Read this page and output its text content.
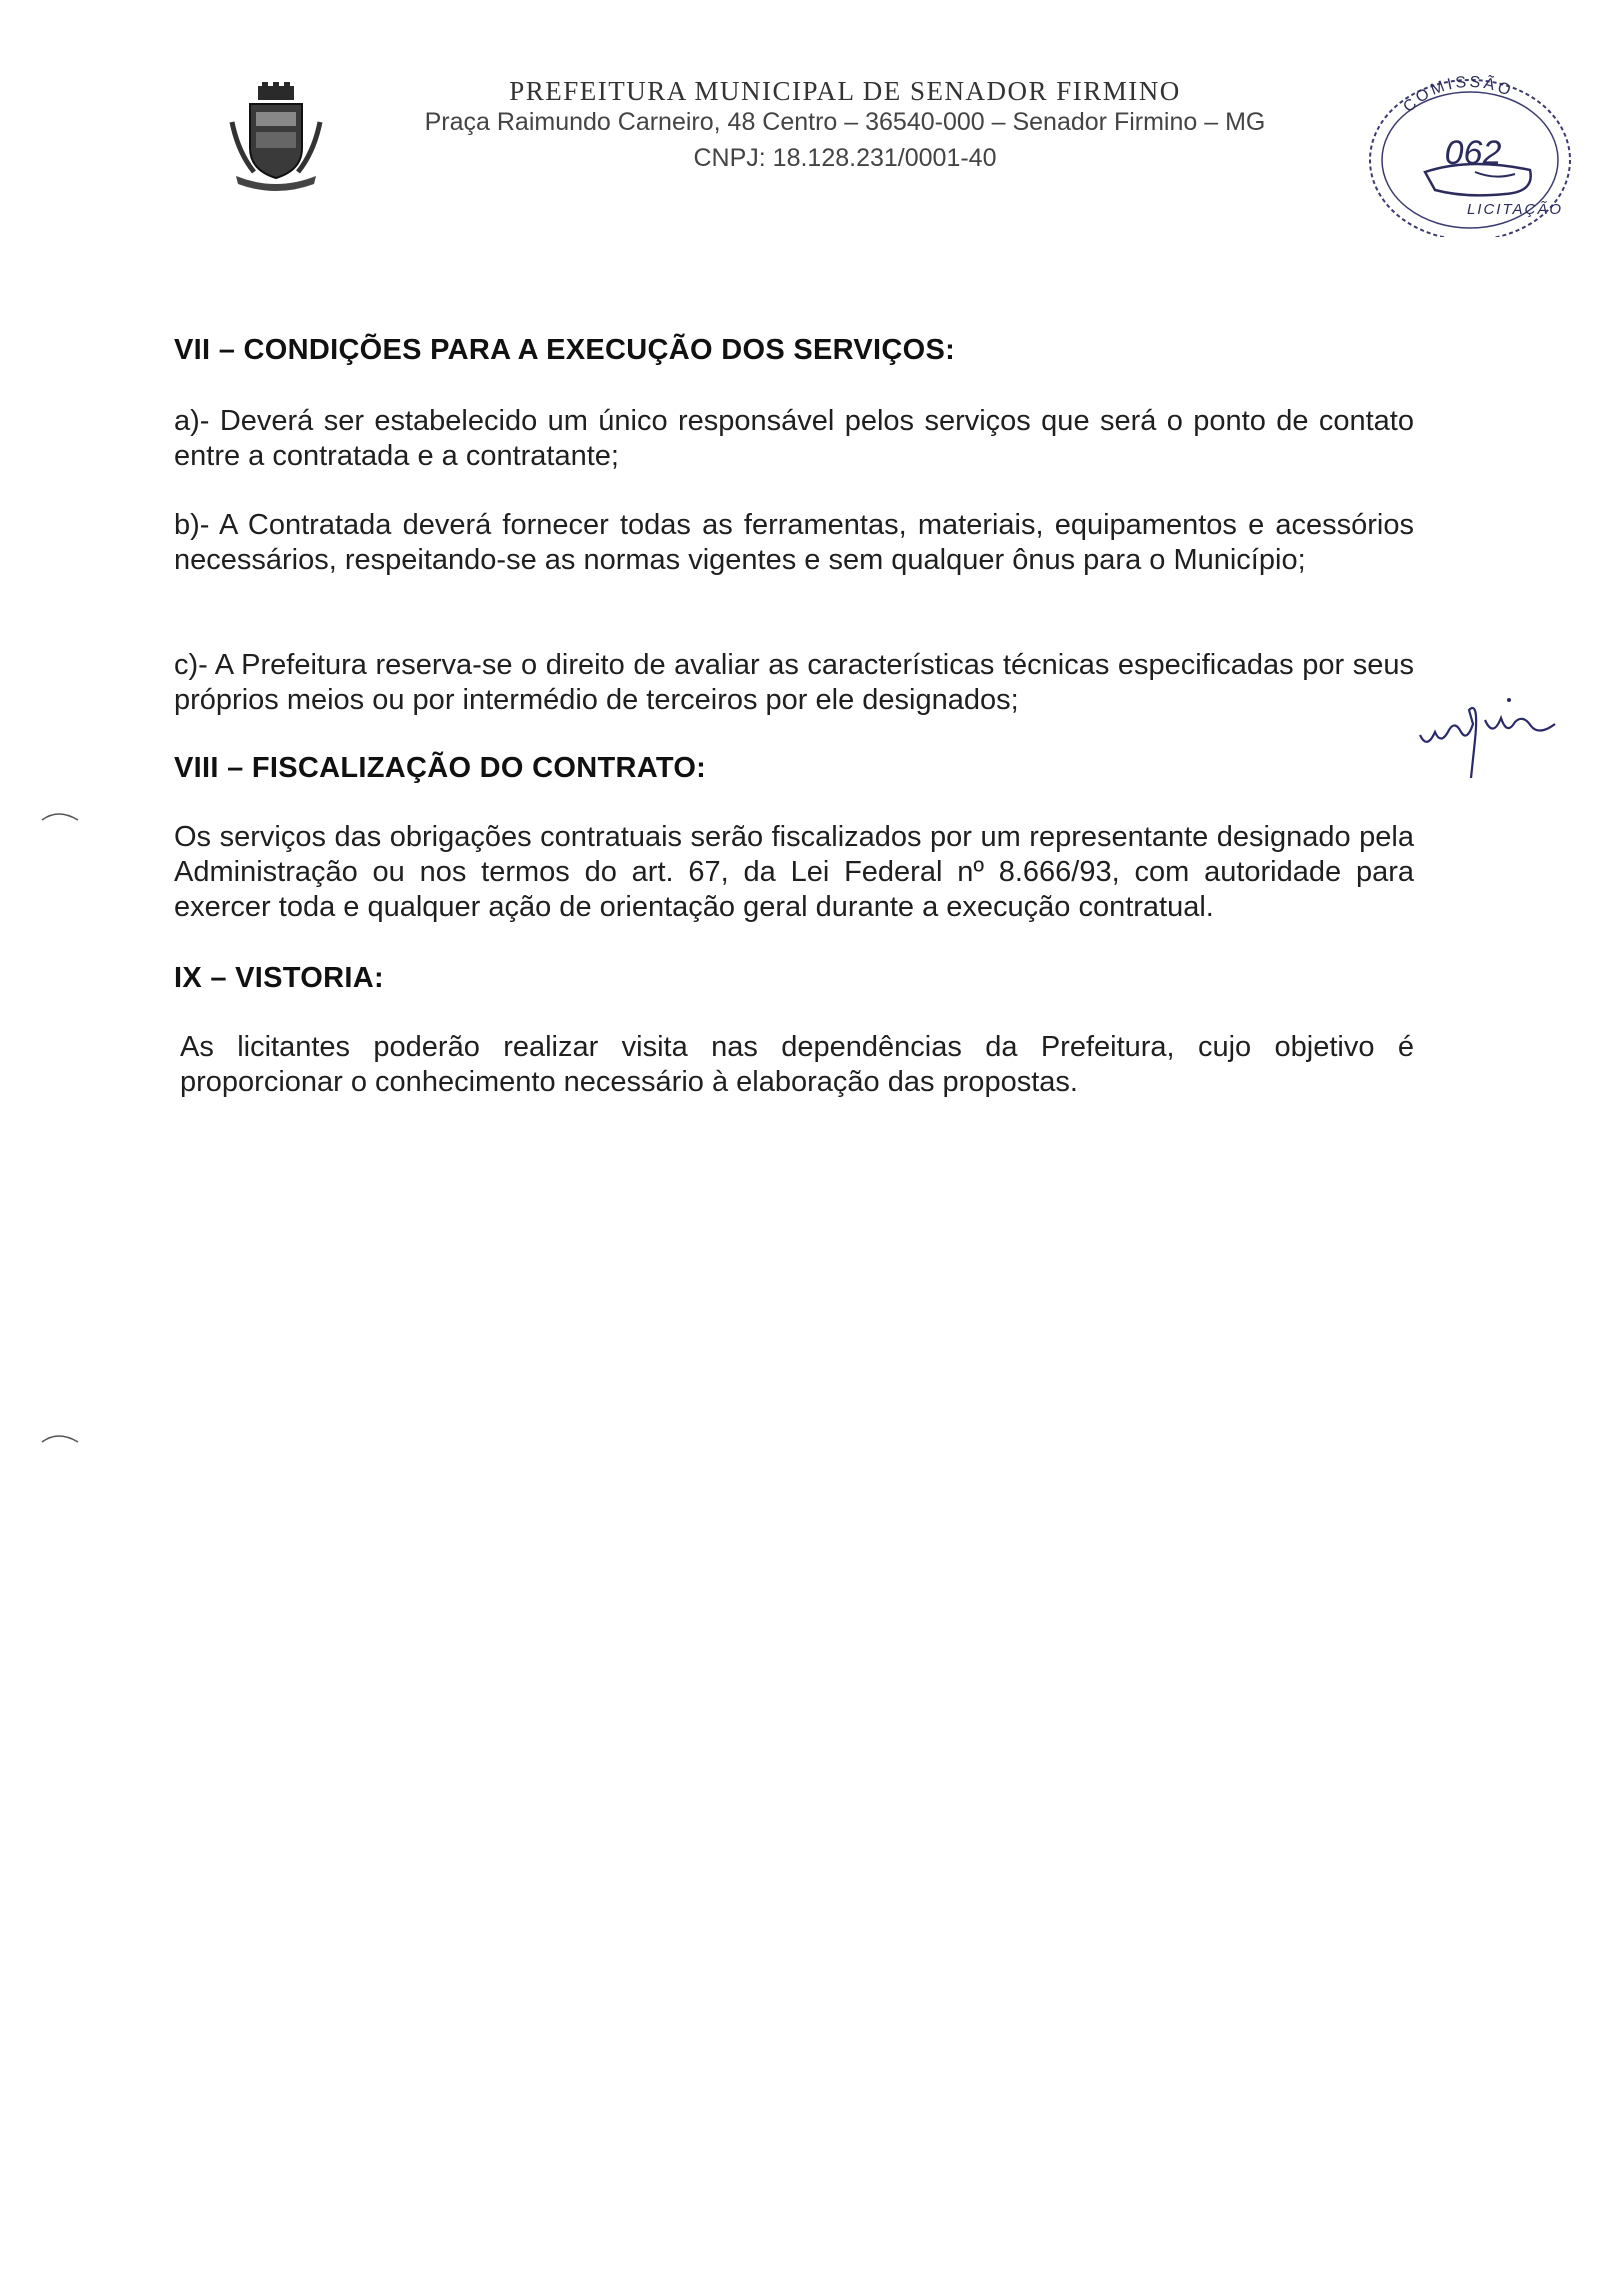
PREFEITURA MUNICIPAL DE SENADOR FIRMINO
Praça Raimundo Carneiro, 48 Centro – 36540-000 – Senador Firmino – MG
CNPJ: 18.128.231/0001-40
COMISSÃO
062
LICITAÇÃO
VII – CONDIÇÕES PARA A EXECUÇÃO DOS SERVIÇOS:
a)- Deverá ser estabelecido um único responsável pelos serviços que será o ponto de contato entre a contratada e a contratante;
b)- A Contratada deverá fornecer todas as ferramentas, materiais, equipamentos e acessórios necessários, respeitando-se as normas vigentes e sem qualquer ônus para o Município;
c)- A Prefeitura reserva-se o direito de avaliar as características técnicas especificadas por seus próprios meios ou por intermédio de terceiros por ele designados;
VIII – FISCALIZAÇÃO DO CONTRATO:
Os serviços das obrigações contratuais serão fiscalizados por um representante designado pela Administração ou nos termos do art. 67, da Lei Federal nº 8.666/93, com autoridade para exercer toda e qualquer ação de orientação geral durante a execução contratual.
IX – VISTORIA:
As licitantes poderão realizar visita nas dependências da Prefeitura, cujo objetivo é proporcionar o conhecimento necessário à elaboração das propostas.
